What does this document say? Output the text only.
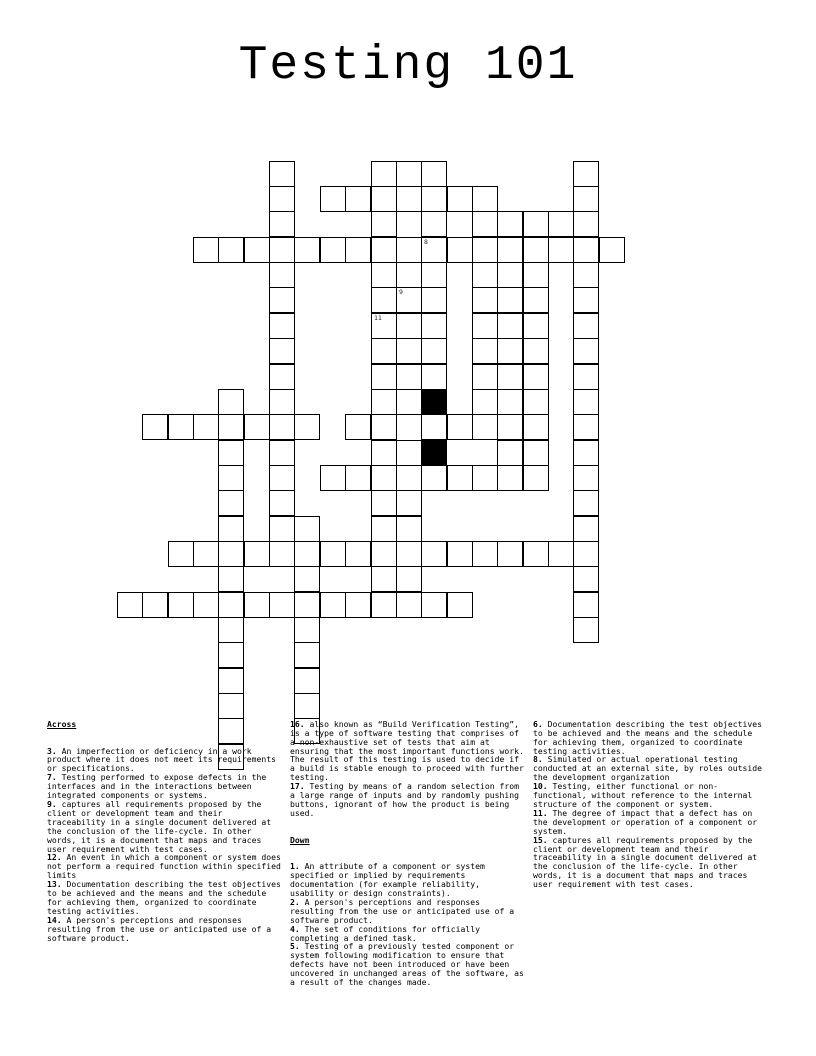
Testing 101
8
11
9

Across

3. An imperfection or deficiency in a work product where it does not meet its requirements or specifications.

7. Testing performed to expose defects in the interfaces and in the interactions between integrated components or systems.

9. captures all requirements proposed by the client or development team and their traceability in a single document delivered at the conclusion of the life-cycle. In other words, it is a document that maps and traces user requirement with test cases.

12. An event in which a component or system does not perform a required function within specified limits

13. Documentation describing the test objectives to be achieved and the means and the schedule for achieving them, organized to coordinate testing activities.

14. A person's perceptions and responses resulting from the use or anticipated use of a software product.

16. also known as “Build Verification Testing”, is a type of software testing that comprises of a non-exhaustive set of tests that aim at ensuring that the most important functions work. The result of this testing is used to decide if a build is stable enough to proceed with further testing.

17. Testing by means of a random selection from a large range of inputs and by randomly pushing buttons, ignorant of how the product is being used.

Down

1. An attribute of a component or system specified or implied by requirements documentation (for example reliability, usability or design constraints).

2. A person's perceptions and responses resulting from the use or anticipated use of a software product.

4. The set of conditions for officially completing a defined task.

5. Testing of a previously tested component or system following modification to ensure that defects have not been introduced or have been uncovered in unchanged areas of the software, as a result of the changes made.

6. Documentation describing the test objectives to be achieved and the means and the schedule for achieving them, organized to coordinate testing activities.

8. Simulated or actual operational testing conducted at an external site, by roles outside the development organization

10. Testing, either functional or non-functional, without reference to the internal structure of the component or system.

11. The degree of impact that a defect has on the development or operation of a component or system.

15. captures all requirements proposed by the client or development team and their traceability in a single document delivered at the conclusion of the life-cycle. In other words, it is a document that maps and traces user requirement with test cases.
